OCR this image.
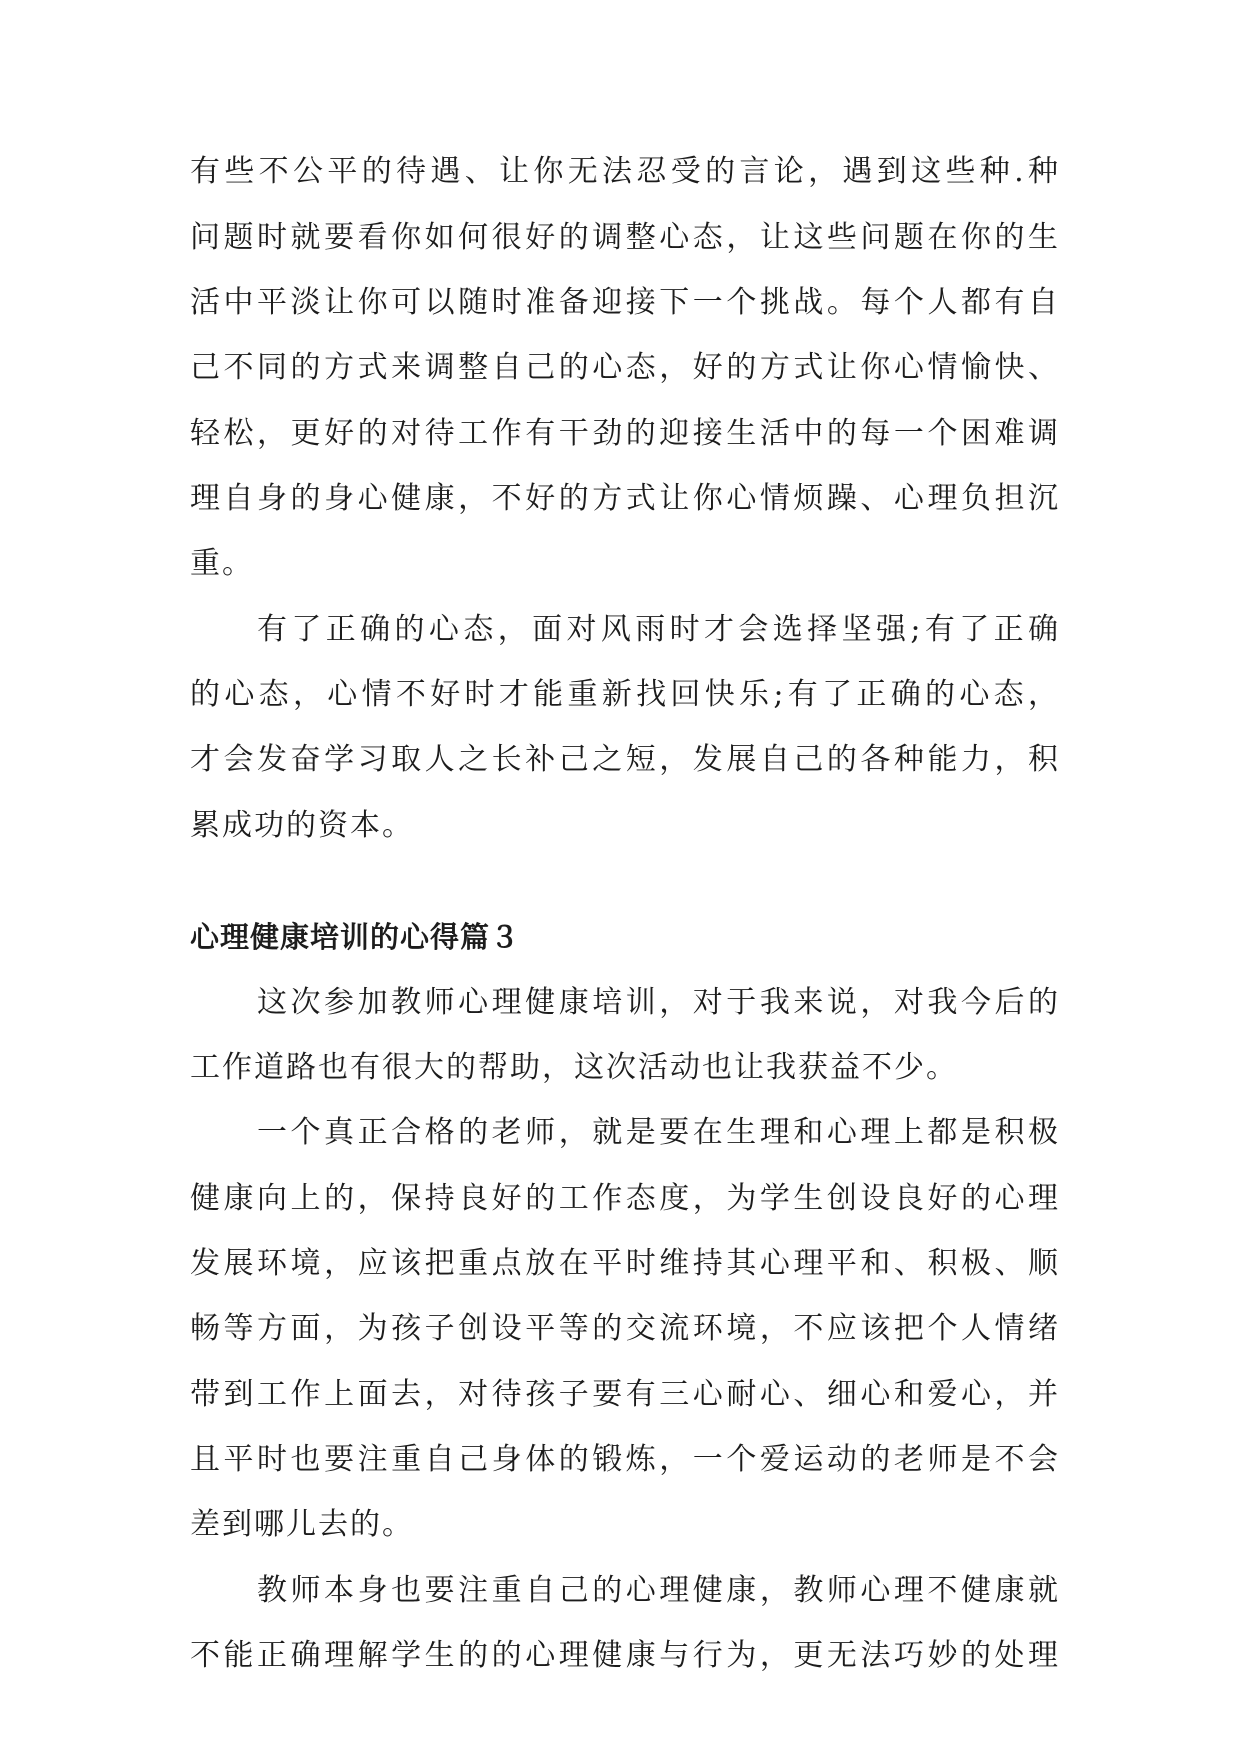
有些不公平的待遇、让你无法忍受的言论，遇到这些种.种

问题时就要看你如何很好的调整心态，让这些问题在你的生

活中平淡让你可以随时准备迎接下一个挑战。每个人都有自

己不同的方式来调整自己的心态，好的方式让你心情愉快、

轻松，更好的对待工作有干劲的迎接生活中的每一个困难调

理自身的身心健康，不好的方式让你心情烦躁、心理负担沉

重。

有了正确的心态，面对风雨时才会选择坚强;有了正确

的心态，心情不好时才能重新找回快乐;有了正确的心态，

才会发奋学习取人之长补己之短，发展自己的各种能力，积

累成功的资本。

心理健康培训的心得篇３

这次参加教师心理健康培训，对于我来说，对我今后的

工作道路也有很大的帮助，这次活动也让我获益不少。

一个真正合格的老师，就是要在生理和心理上都是积极

健康向上的，保持良好的工作态度，为学生创设良好的心理

发展环境，应该把重点放在平时维持其心理平和、积极、顺

畅等方面，为孩子创设平等的交流环境，不应该把个人情绪

带到工作上面去，对待孩子要有三心耐心、细心和爱心，并

且平时也要注重自己身体的锻炼，一个爱运动的老师是不会

差到哪儿去的。

教师本身也要注重自己的心理健康，教师心理不健康就

不能正确理解学生的的心理健康与行为，更无法巧妙的处理
